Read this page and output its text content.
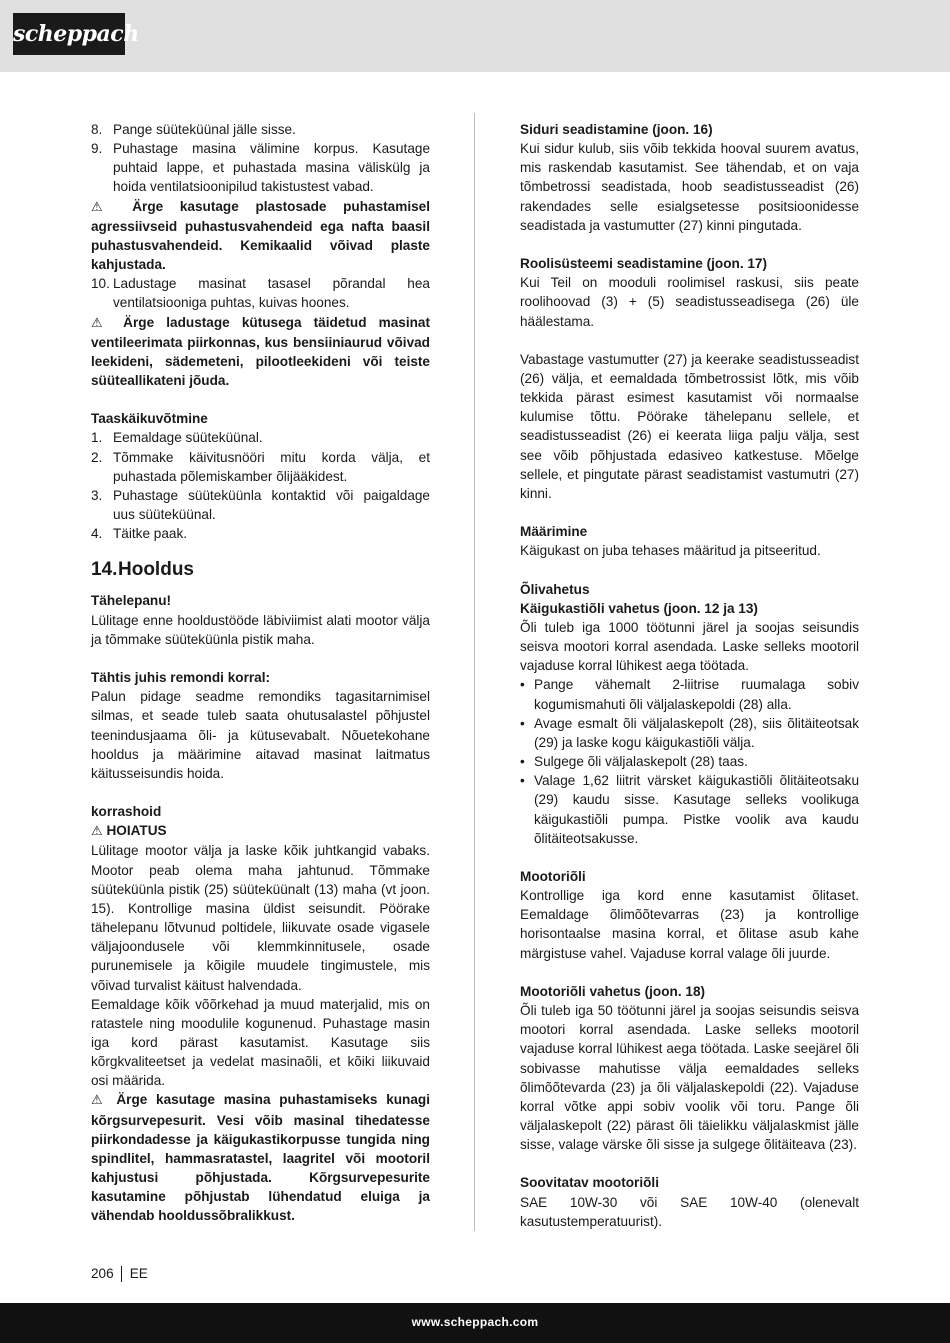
scheppach
8. Pange süüteküünal jälle sisse.
9. Puhastage masina välimine korpus. Kasutage puhtaid lappe, et puhastada masina väliskülg ja hoida ventilatsioonipilud takistustest vabad.
⚠ Ärge kasutage plastosade puhastamisel agressiivseid puhastusvahendeid ega nafta baasil puhastusvahendeid. Kemikaalid võivad plaste kahjustada.
10. Ladustage masinat tasasel põrandal hea ventilatsiooniga puhtas, kuivas hoones.
⚠ Ärge ladustage kütusega täidetud masinat ventileerimata piirkonnas, kus bensiiniaurud võivad leekideni, sädemeteni, pilootleekideni või teiste süüteallikateni jõuda.
Taaskäikuvõtmine
1. Eemaldage süüteküünal.
2. Tõmmake käivitusnööri mitu korda välja, et puhastada põlemiskamber õlijääkidest.
3. Puhastage süüteküünla kontaktid või paigaldage uus süüteküünal.
4. Täitke paak.
14. Hooldus
Tähelepanu!
Lülitage enne hooldustööde läbiviimist alati mootor välja ja tõmmake süüteküünla pistik maha.
Tähtis juhis remondi korral:
Palun pidage seadme remondiks tagasitarnimisel silmas, et seade tuleb saata ohutusalastel põhjustel teenindusjaama õli- ja kütusevabalt. Nõuetekohane hooldus ja määrimine aitavad masinat laitmatus käitusseisundis hoida.
korrashoid
⚠ HOIATUS
Lülitage mootor välja ja laske kõik juhtkangid vabaks. Mootor peab olema maha jahtunud. Tõmmake süüteküünla pistik (25) süüteküünalt (13) maha (vt joon. 15). Kontrollige masina üldist seisundit. Pöörake tähelepanu lõtvunud poltidele, liikuvate osade vigasele väljajoondusele või klemmkinnitusele, osade purunemisele ja kõigile muudele tingimustele, mis võivad turvalist käitust halvendada.
Eemaldage kõik võõrkehad ja muud materjalid, mis on ratastele ning moodulile kogunenud. Puhastage masin iga kord pärast kasutamist. Kasutage siis kõrgkvaliteetset ja vedelat masinaõli, et kõiki liikuvaid osi määrida.
⚠ Ärge kasutage masina puhastamiseks kunagi kõrgsurvepesurit. Vesi võib masinal tihedatesse piirkondadesse ja käigukastikorpusse tungida ning spindlitel, hammasratastel, laagritel või mootoril kahjustusi põhjustada. Kõrgsurvepesurite kasutamine põhjustab lühendatud eluiga ja vähendab hooldussõbralikkust.
Siduri seadistamine (joon. 16)
Kui sidur kulub, siis võib tekkida hooval suurem avatus, mis raskendab kasutamist. See tähendab, et on vaja tõmbetrossi seadistada, hoob seadistusseadist (26) rakendades selle esialgsetesse positsioonidesse seadistada ja vastumutter (27) kinni pingutada.
Roolisüsteemi seadistamine (joon. 17)
Kui Teil on mooduli roolimisel raskusi, siis peate roolihoovad (3) + (5) seadistusseadisega (26) üle häälestama.
Vabastage vastumutter (27) ja keerake seadistusseadist (26) välja, et eemaldada tõmbetrossist lõtk, mis võib tekkida pärast esimest kasutamist või normaalse kulumise tõttu. Pöörake tähelepanu sellele, et seadistusseadist (26) ei keerata liiga palju välja, sest see võib põhjustada edasiveo katkestuse. Mõelge sellele, et pingutate pärast seadistamist vastumutri (27) kinni.
Määrimine
Käigukast on juba tehases määritud ja pitseeritud.
Õlivahetus
Käigukastiõli vahetus (joon. 12 ja 13)
Õli tuleb iga 1000 töötunni järel ja soojas seisundis seisva mootori korral asendada. Laske selleks mootoril vajaduse korral lühikest aega töötada.
• Pange vähemalt 2-liitrise ruumalaga sobiv kogumismahuti õli väljalaskepoldi (28) alla.
• Avage esmalt õli väljalaskepolt (28), siis õlitäiteotsak (29) ja laske kogu käigukastiõli välja.
• Sulgege õli väljalaskepolt (28) taas.
• Valage 1,62 liitrit värsket käigukastiõli õlitäiteotsaku (29) kaudu sisse. Kasutage selleks voolikuga käigukastiõli pumpa. Pistke voolik ava kaudu õlitäiteotsakusse.
Mootoriõli
Kontrollige iga kord enne kasutamist õlitaset. Eemaldage õlimõõtevarras (23) ja kontrollige horisontaalse masina korral, et õlitase asub kahe märgistuse vahel. Vajaduse korral valage õli juurde.
Mootoriõli vahetus (joon. 18)
Õli tuleb iga 50 töötunni järel ja soojas seisundis seisva mootori korral asendada. Laske selleks mootoril vajaduse korral lühikest aega töötada. Laske seejärel õli sobivasse mahutisse välja eemaldades selleks õlimõõtevarda (23) ja õli väljalaskepoldi (22). Vajaduse korral võtke appi sobiv voolik või toru. Pange õli väljalaskepolt (22) pärast õli täielikku väljalaskmist jälle sisse, valage värske õli sisse ja sulgege õlitäiteava (23).
Soovitatav mootoriõli
SAE 10W-30 või SAE 10W-40 (olenevalt kasutustemperatuurist).
206 EE
www.scheppach.com
